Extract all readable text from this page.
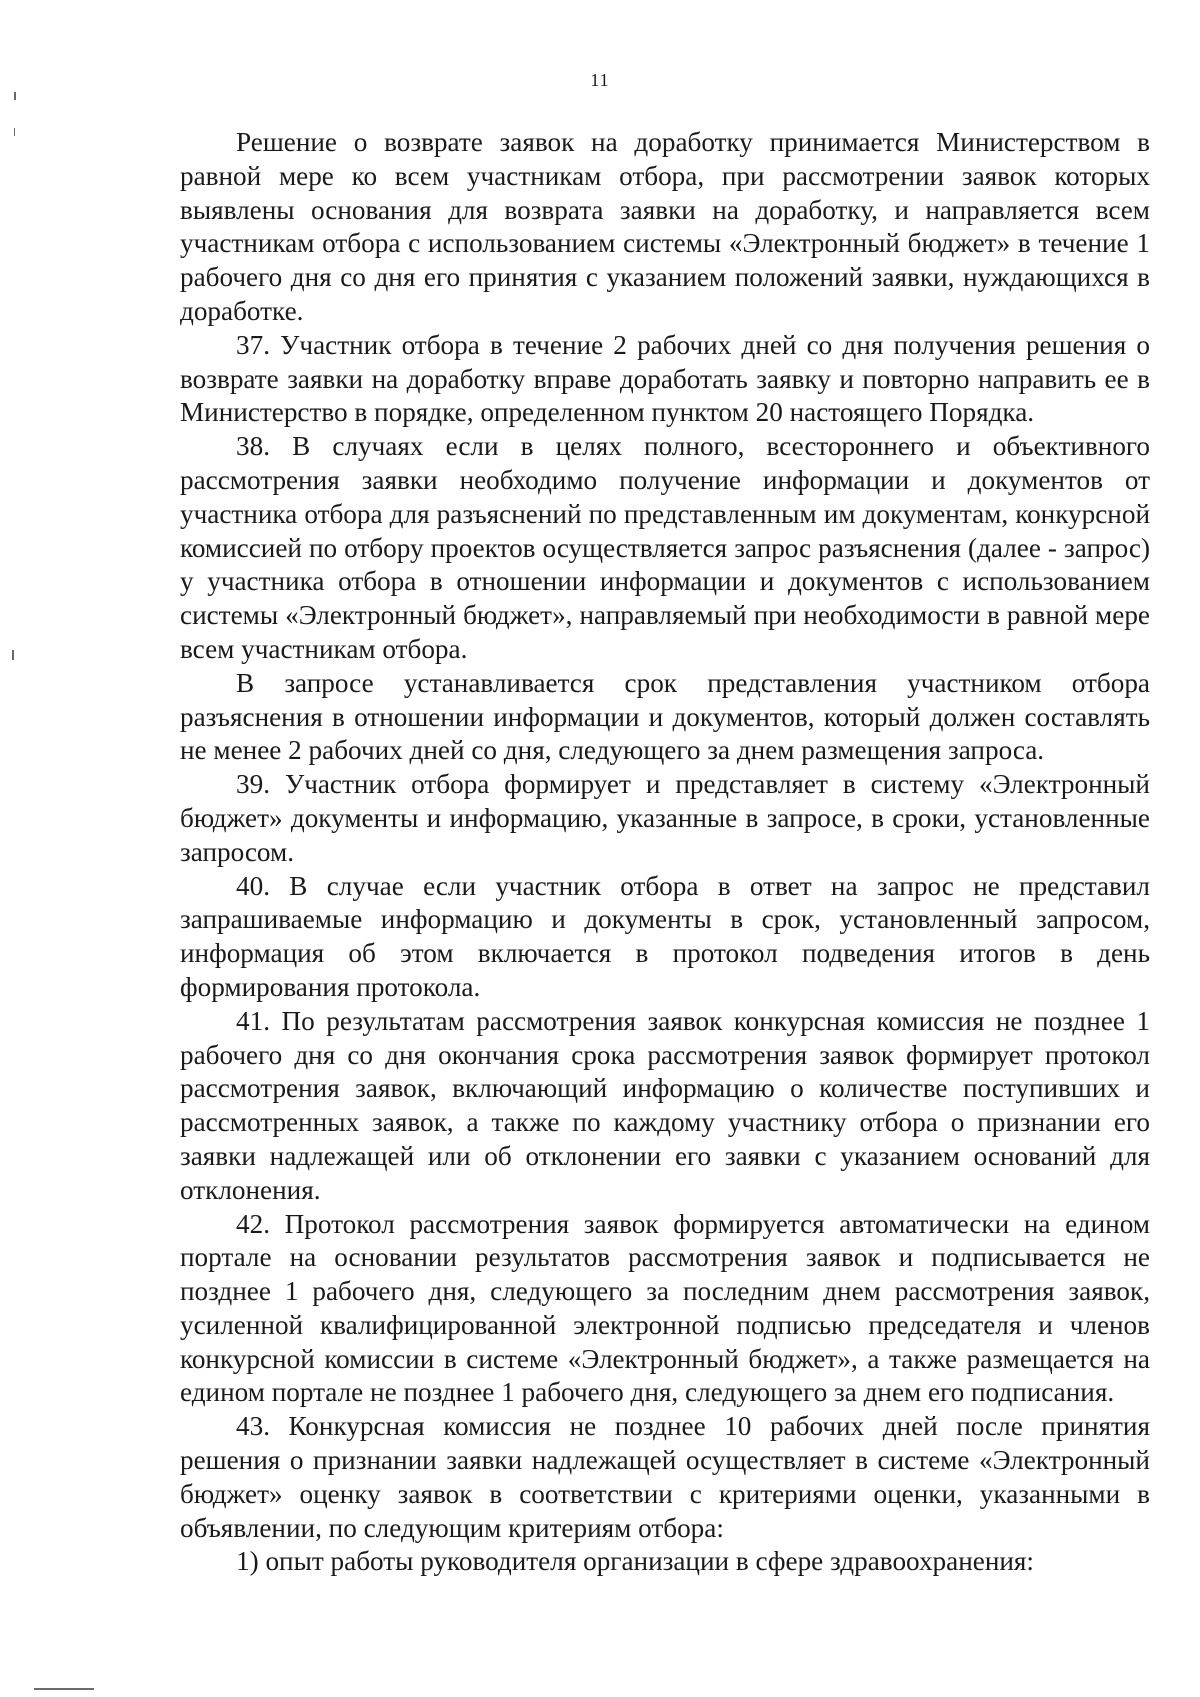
11

Решение о возврате заявок на доработку принимается Министерством в равной мере ко всем участникам отбора, при рассмотрении заявок которых выявлены основания для возврата заявки на доработку, и направляется всем участникам отбора с использованием системы «Электронный бюджет» в течение 1 рабочего дня со дня его принятия с указанием положений заявки, нуждающихся в доработке.

37. Участник отбора в течение 2 рабочих дней со дня получения решения о возврате заявки на доработку вправе доработать заявку и повторно направить ее в Министерство в порядке, определенном пунктом 20 настоящего Порядка.

38. В случаях если в целях полного, всестороннего и объективного рассмотрения заявки необходимо получение информации и документов от участника отбора для разъяснений по представленным им документам, конкурсной комиссией по отбору проектов осуществляется запрос разъяснения (далее - запрос) у участника отбора в отношении информации и документов с использованием системы «Электронный бюджет», направляемый при необходимости в равной мере всем участникам отбора.

В запросе устанавливается срок представления участником отбора разъяснения в отношении информации и документов, который должен составлять не менее 2 рабочих дней со дня, следующего за днем размещения запроса.

39. Участник отбора формирует и представляет в систему «Электронный бюджет» документы и информацию, указанные в запросе, в сроки, установленные запросом.

40. В случае если участник отбора в ответ на запрос не представил запрашиваемые информацию и документы в срок, установленный запросом, информация об этом включается в протокол подведения итогов в день формирования протокола.

41. По результатам рассмотрения заявок конкурсная комиссия не позднее 1 рабочего дня со дня окончания срока рассмотрения заявок формирует протокол рассмотрения заявок, включающий информацию о количестве поступивших и рассмотренных заявок, а также по каждому участнику отбора о признании его заявки надлежащей или об отклонении его заявки с указанием оснований для отклонения.

42. Протокол рассмотрения заявок формируется автоматически на едином портале на основании результатов рассмотрения заявок и подписывается не позднее 1 рабочего дня, следующего за последним днем рассмотрения заявок, усиленной квалифицированной электронной подписью председателя и членов конкурсной комиссии в системе «Электронный бюджет», а также размещается на едином портале не позднее 1 рабочего дня, следующего за днем его подписания.

43. Конкурсная комиссия не позднее 10 рабочих дней после принятия решения о признании заявки надлежащей осуществляет в системе «Электронный бюджет» оценку заявок в соответствии с критериями оценки, указанными в объявлении, по следующим критериям отбора:

1) опыт работы руководителя организации в сфере здравоохранения:
